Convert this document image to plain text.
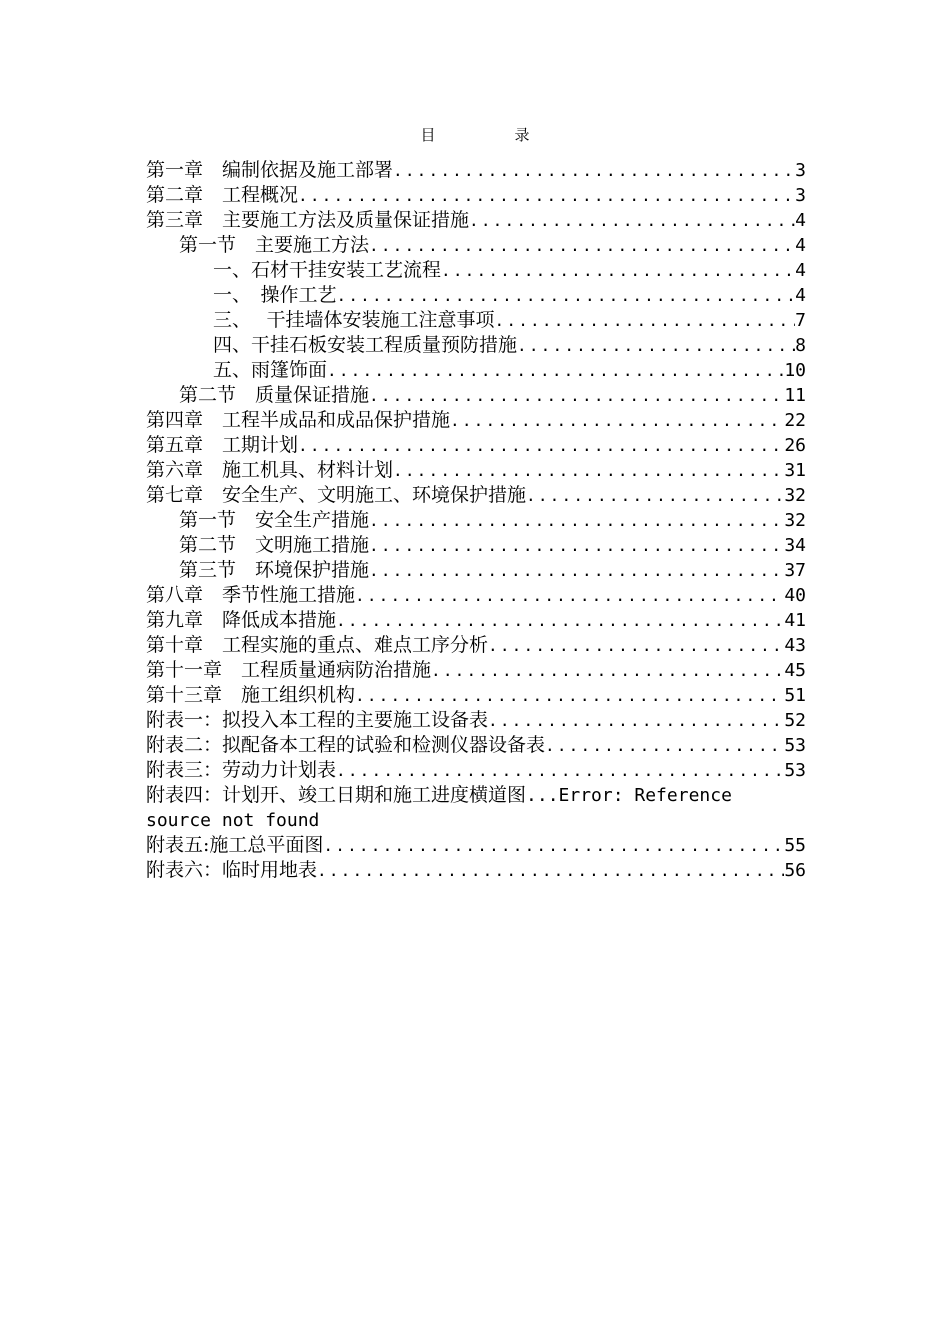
目　录
第一章　编制依据及施工部署 .....	3
第二章　工程概况 .....	3
第三章　主要施工方法及质量保证措施 .....	4
第一节　主要施工方法 .....	4
一、石材干挂安装工艺流程 .....	4
一、　操作工艺 .....	4
三、　 干挂墙体安装施工注意事项 .....	7
四、干挂石板安装工程质量预防措施 .....	8
五、雨篷饰面 .....	10
第二节　质量保证措施 .....	11
第四章　工程半成品和成品保护措施 .....	22
第五章　工期计划 .....	26
第六章　施工机具、材料计划 .....	31
第七章　安全生产、文明施工、环境保护措施 .....	32
第一节　安全生产措施 .....	32
第二节　文明施工措施 .....	34
第三节　环境保护措施 .....	37
第八章　季节性施工措施 .....	40
第九章　降低成本措施 .....	41
第十章　工程实施的重点、难点工序分析 .....	43
第十一章　工程质量通病防治措施 .....	45
第十三章　施工组织机构 .....	51
附表一：拟投入本工程的主要施工设备表 .....	52
附表二：拟配备本工程的试验和检测仪器设备表 .....	53
附表三：劳动力计划表 .....	53
附表四：计划开、竣工日期和施工进度横道图...Error: Reference source not found
附表五:施工总平面图 .....	55
附表六：临时用地表 .....	56
